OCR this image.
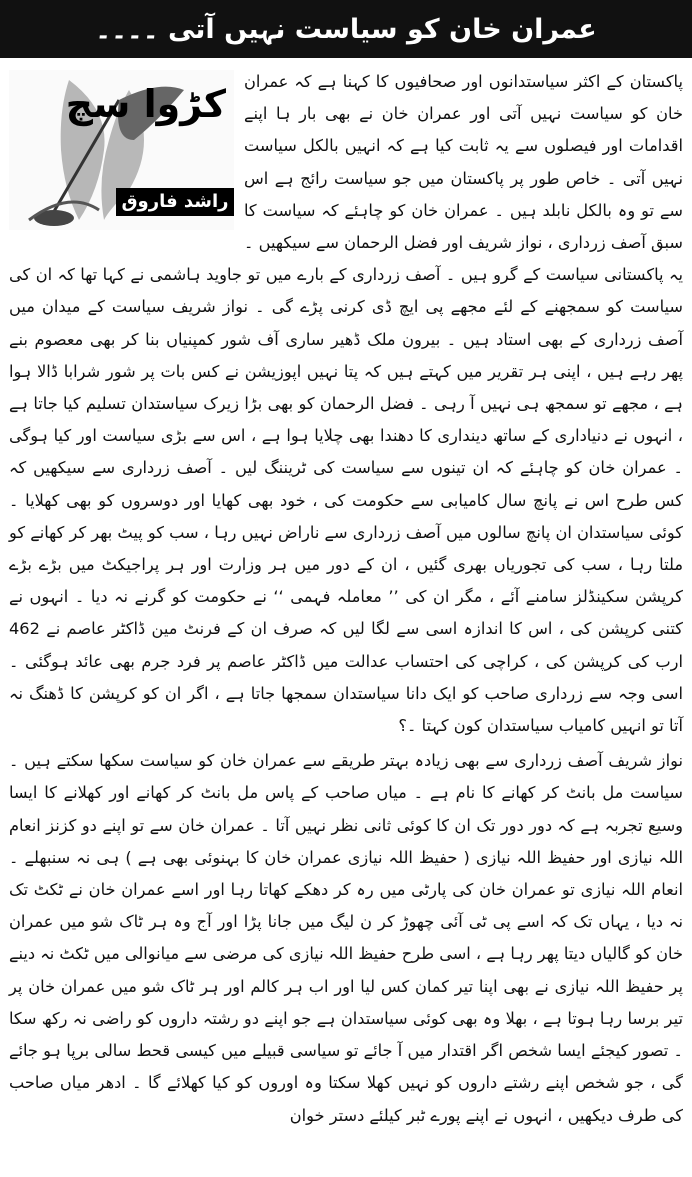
عمران خان کو سیاست نہیں آتی ۔۔۔۔

کڑوا سچ
راشد فاروق
پاکستان کے اکثر سیاستدانوں اور صحافیوں کا کہنا ہے کہ عمران خان کو سیاست نہیں آتی اور عمران خان نے بھی بار ہا اپنے اقدامات اور فیصلوں سے یہ ثابت کیا ہے کہ انہیں بالکل سیاست نہیں آتی ۔ خاص طور پر پاکستان میں جو سیاست رائج ہے اس سے تو وہ بالکل نابلد ہیں ۔ عمران خان کو چاہئے کہ سیاست کا سبق آصف زرداری ، نواز شریف اور فضل الرحمان سے سیکھیں ۔ یہ پاکستانی سیاست کے گرو ہیں ۔ آصف زرداری کے بارے میں تو جاوید ہاشمی نے کہا تھا کہ ان کی سیاست کو سمجھنے کے لئے مجھے پی ایچ ڈی کرنی پڑے گی ۔ نواز شریف سیاست کے میدان میں آصف زرداری کے بھی استاد ہیں ۔ بیرون ملک ڈھیر ساری آف شور کمپنیاں بنا کر بھی معصوم بنے پھر رہے ہیں ، اپنی ہر تقریر میں کہتے ہیں کہ پتا نہیں اپوزیشن نے کس بات پر شور شرابا ڈالا ہوا ہے ، مجھے تو سمجھ ہی نہیں آ رہی ۔ فضل الرحمان کو بھی بڑا زیرک سیاستدان تسلیم کیا جاتا ہے ، انہوں نے دنیاداری کے ساتھ دینداری کا دھندا بھی چلایا ہوا ہے ، اس سے بڑی سیاست اور کیا ہوگی ۔ عمران خان کو چاہئے کہ ان تینوں سے سیاست کی ٹریننگ لیں ۔ آصف زرداری سے سیکھیں کہ کس طرح اس نے پانچ سال کامیابی سے حکومت کی ، خود بھی کھایا اور دوسروں کو بھی کھلایا ۔ کوئی سیاستدان ان پانچ سالوں میں آصف زرداری سے ناراض نہیں رہا ، سب کو پیٹ بھر کر کھانے کو ملتا رہا ، سب کی تجوریاں بھری گئیں ، ان کے دور میں ہر وزارت اور ہر پراجیکٹ میں بڑے بڑے کرپشن سکینڈلز سامنے آئے ، مگر ان کی ’’ معاملہ فہمی ‘‘ نے حکومت کو گرنے نہ دیا ۔ انہوں نے کتنی کرپشن کی ، اس کا اندازہ اسی سے لگا لیں کہ صرف ان کے فرنٹ مین ڈاکٹر عاصم نے 462 ارب کی کرپشن کی ، کراچی کی احتساب عدالت میں ڈاکٹر عاصم پر فرد جرم بھی عائد ہوگئی ۔ اسی وجہ سے زرداری صاحب کو ایک دانا سیاستدان سمجھا جاتا ہے ، اگر ان کو کرپشن کا ڈھنگ نہ آتا تو انہیں کامیاب سیاستدان کون کہتا ۔؟

نواز شریف آصف زرداری سے بھی زیادہ بہتر طریقے سے عمران خان کو سیاست سکھا سکتے ہیں ۔ سیاست مل بانٹ کر کھانے کا نام ہے ۔ میاں صاحب کے پاس مل بانٹ کر کھانے اور کھلانے کا ایسا وسیع تجربہ ہے کہ دور دور تک ان کا کوئی ثانی نظر نہیں آتا ۔ عمران خان سے تو اپنے دو کزنز انعام اللہ نیازی اور حفیظ اللہ نیازی ( حفیظ اللہ نیازی عمران خان کا بہنوئی بھی ہے ) ہی نہ سنبھلے ۔ انعام اللہ نیازی تو عمران خان کی پارٹی میں رہ کر دھکے کھاتا رہا اور اسے عمران خان نے ٹکٹ تک نہ دیا ، یہاں تک کہ اسے پی ٹی آئی چھوڑ کر ن لیگ میں جانا پڑا اور آج وہ ہر ٹاک شو میں عمران خان کو گالیاں دیتا پھر رہا ہے ، اسی طرح حفیظ اللہ نیازی کی مرضی سے میانوالی میں ٹکٹ نہ دینے پر حفیظ اللہ نیازی نے بھی اپنا تیر کمان کس لیا اور اب ہر کالم اور ہر ٹاک شو میں عمران خان پر تیر برسا رہا ہوتا ہے ، بھلا وہ بھی کوئی سیاستدان ہے جو اپنے دو رشتہ داروں کو راضی نہ رکھ سکا ۔ تصور کیجئے ایسا شخص اگر اقتدار میں آ جائے تو سیاسی قبیلے میں کیسی قحط سالی برپا ہو جائے گی ، جو شخص اپنے رشتے داروں کو نہیں کھلا سکتا وہ اوروں کو کیا کھلائے گا ۔ ادھر میاں صاحب کی طرف دیکھیں ، انہوں نے اپنے پورے ٹبر کیلئے دستر خوان
